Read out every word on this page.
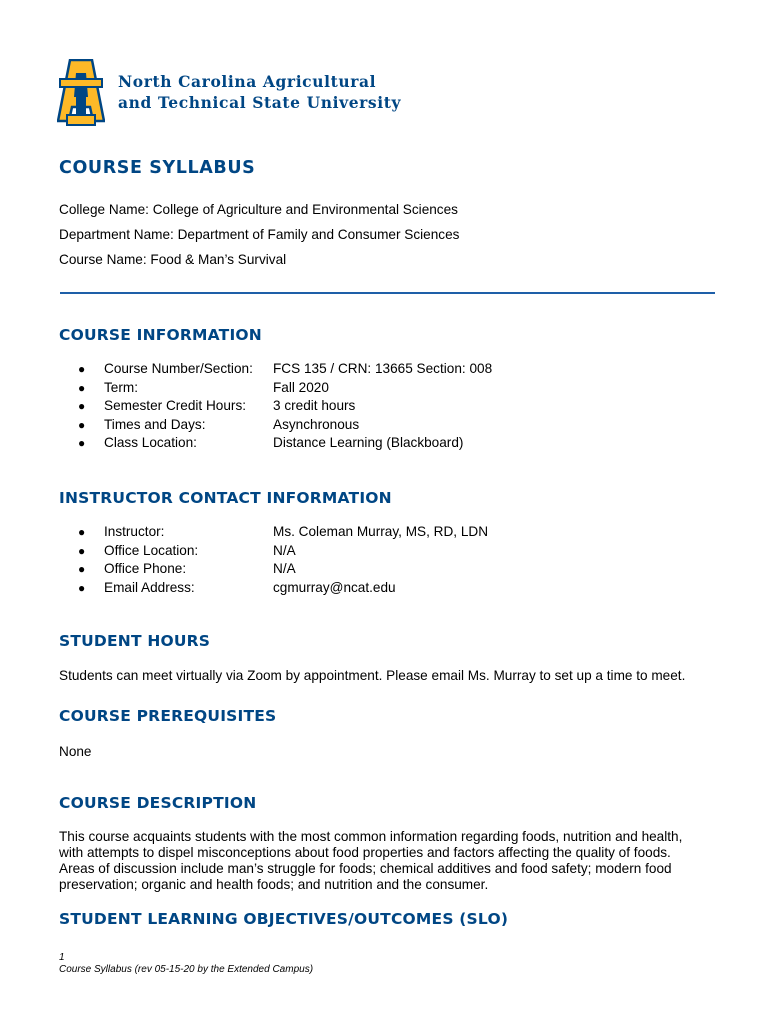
North Carolina Agricultural
and Technical State University
COURSE SYLLABUS
College Name: College of Agriculture and Environmental Sciences
Department Name: Department of Family and Consumer Sciences
Course Name: Food & Man’s Survival
COURSE INFORMATION
● Course Number/Section: FCS 135 / CRN: 13665 Section: 008
● Term:	Fall 2020
● Semester Credit Hours: 3 credit hours
● Times and Days:	Asynchronous
● Class Location:	Distance Learning (Blackboard)
INSTRUCTOR CONTACT INFORMATION
● Instructor:	Ms. Coleman Murray, MS, RD, LDN
● Office Location:	N/A
● Office Phone:	N/A
● Email Address:	cgmurray@ncat.edu
STUDENT HOURS
Students can meet virtually via Zoom by appointment. Please email Ms. Murray to set up a time to meet.
COURSE PREREQUISITES
None
COURSE DESCRIPTION
This course acquaints students with the most common information regarding foods, nutrition and health,
with attempts to dispel misconceptions about food properties and factors affecting the quality of foods.
Areas of discussion include man’s struggle for foods; chemical additives and food safety; modern food
preservation; organic and health foods; and nutrition and the consumer.
STUDENT LEARNING OBJECTIVES/OUTCOMES (SLO)
1
Course Syllabus (rev 05-15-20 by the Extended Campus)
